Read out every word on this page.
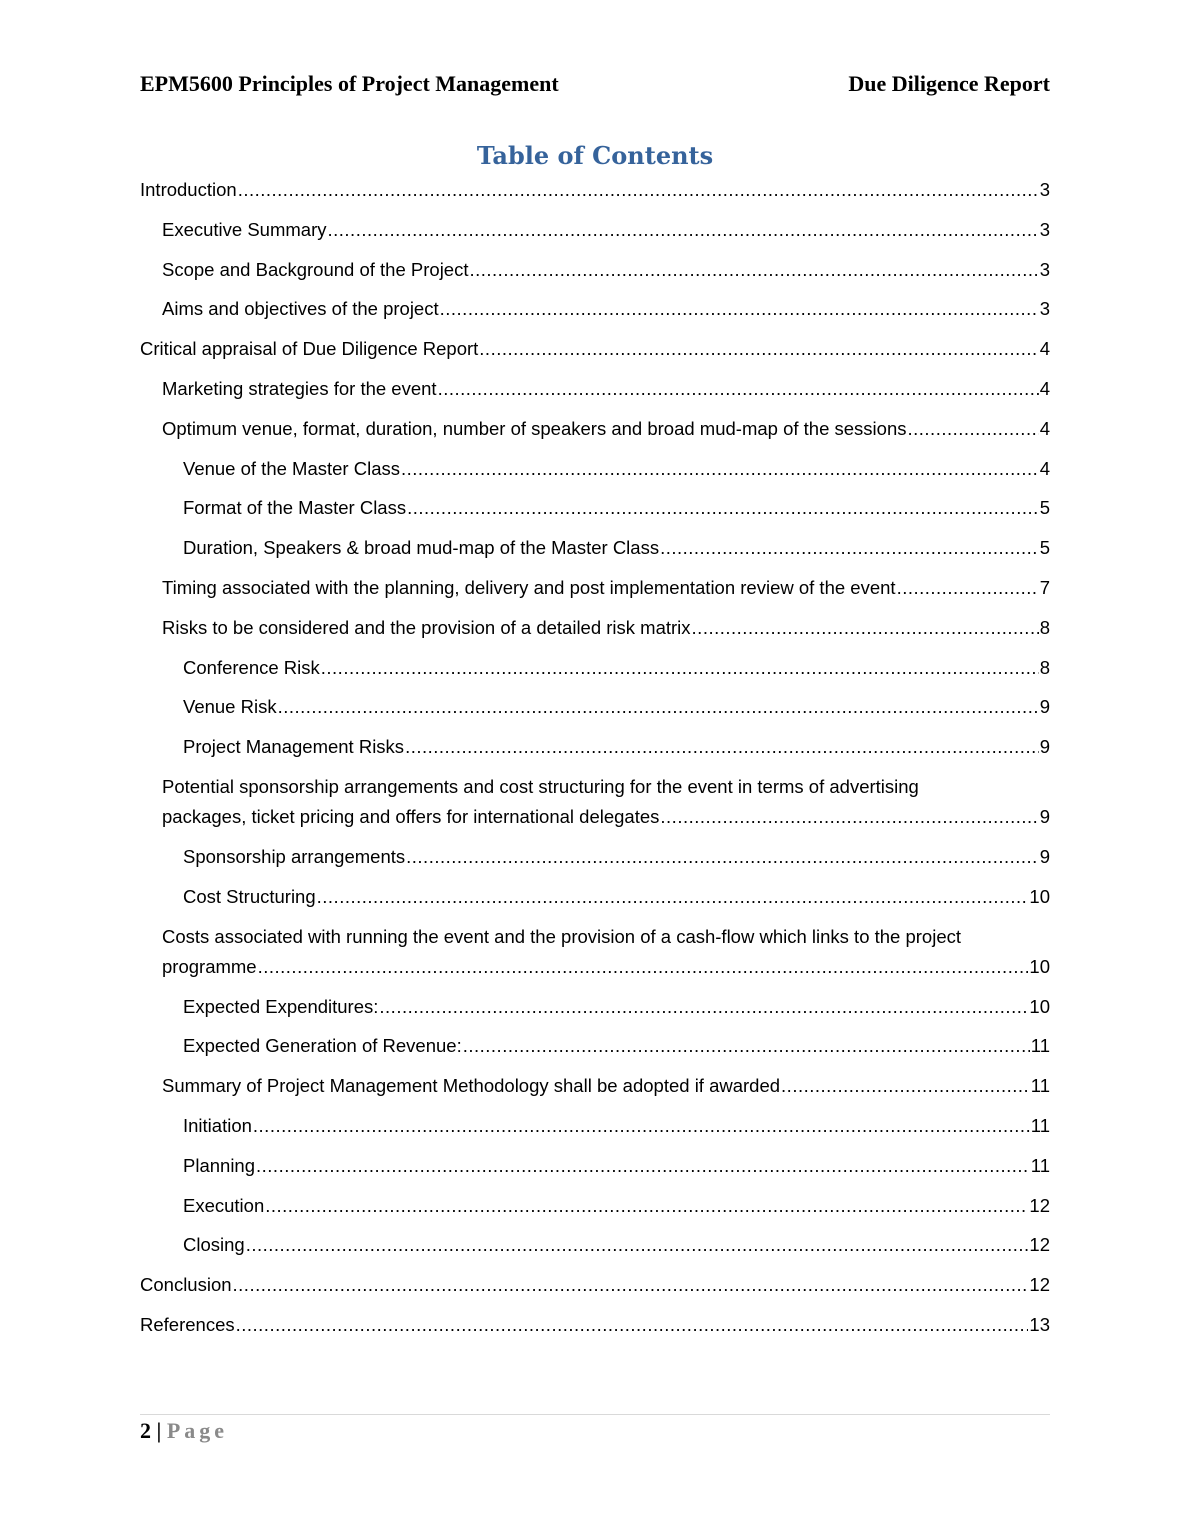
EPM5600 Principles of Project Management	Due Diligence Report
Table of Contents
Introduction .....	3
Executive Summary .....	3
Scope and Background of the Project .....	3
Aims and objectives of the project .....	3
Critical appraisal of Due Diligence Report .....	4
Marketing strategies for the event .....	4
Optimum venue, format, duration, number of speakers and broad mud-map of the sessions .....	4
Venue of the Master Class .....	4
Format of the Master Class .....	5
Duration, Speakers & broad mud-map of the Master Class .....	5
Timing associated with the planning, delivery and post implementation review of the event .....	7
Risks to be considered and the provision of a detailed risk matrix .....	8
Conference Risk .....	8
Venue Risk .....	9
Project Management Risks .....	9
Potential sponsorship arrangements and cost structuring for the event in terms of advertising
packages, ticket pricing and offers for international delegates .....	9
Sponsorship arrangements .....	9
Cost Structuring .....	10
Costs associated with running the event and the provision of a cash-flow which links to the project
programme .....	10
Expected Expenditures: .....	10
Expected Generation of Revenue: .....	11
Summary of Project Management Methodology shall be adopted if awarded .....	11
Initiation .....	11
Planning .....	11
Execution .....	12
Closing .....	12
Conclusion .....	12
References .....	13
2 | Page
